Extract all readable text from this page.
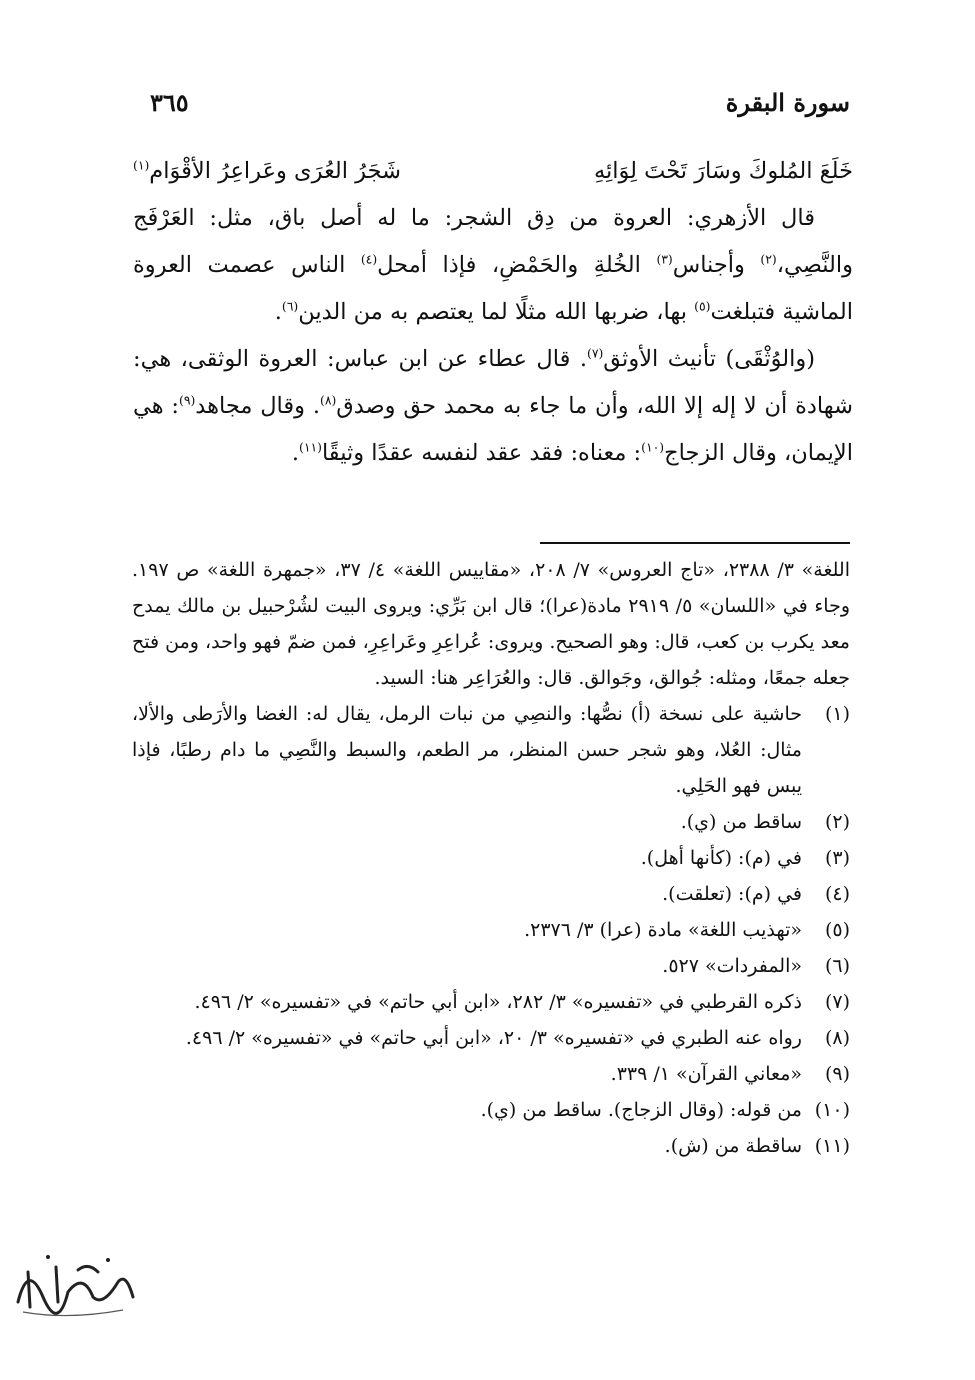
سورة البقرة
٣٦٥

خَلَعَ المُلوكَ وسَارَ تَحْتَ لِوَائِهِ
شَجَرُ العُرَى وعَراعِرُ الأقْوَام$^{(١)}$

قال الأزهري: العروة من دِق الشجر: ما له أصل باق، مثل: العَرْفَج والنَّصِي،$^{(٢)}$ وأجناس$^{(٣)}$ الخُلةِ والحَمْضِ، فإذا أمحل$^{(٤)}$ الناس عصمت العروة الماشية فتبلغت$^{(٥)}$ بها، ضربها الله مثلًا لما يعتصم به من الدين$^{(٦)}$.

(والوُثْقَى) تأنيث الأوثق$^{(٧)}$. قال عطاء عن ابن عباس: العروة الوثقى، هي: شهادة أن لا إله إلا الله، وأن ما جاء به محمد حق وصدق$^{(٨)}$. وقال مجاهد$^{(٩)}$: هي الإيمان، وقال الزجاج$^{(١٠)}$: معناه: فقد عقد لنفسه عقدًا وثيقًا$^{(١١)}$.

اللغة» ٣/ ٢٣٨٨، «تاج العروس» ٧/ ٢٠٨، «مقاييس اللغة» ٤/ ٣٧، «جمهرة اللغة» ص ١٩٧. وجاء في «اللسان» ٥/ ٢٩١٩ مادة(عرا)؛ قال ابن بَرِّي: ويروى البيت لشُرْحبيل بن مالك يمدح معد يكرب بن كعب، قال: وهو الصحيح. ويروى: عُراعِرِ وعَراعِرِ، فمن ضمّ فهو واحد، ومن فتح جعله جمعًا، ومثله: جُوالق، وجَوالق. قال: والعُرَاعِر هنا: السيد.

(١)
حاشية على نسخة (أ) نصُّها: والنصِي من نبات الرمل، يقال له: الغضا والأرَطى والألا، مثال: العُلا، وهو شجر حسن المنظر، مر الطعم، والسبط والنَّصِي ما دام رطبًا، فإذا يبس فهو الحَلِي.

(٢)
ساقط من (ي).

(٣)
في (م): (كأنها أهل).

(٤)
في (م): (تعلقت).

(٥)
«تهذيب اللغة» مادة (عرا) ٣/ ٢٣٧٦.

(٦)
«المفردات» ٥٢٧.

(٧)
ذكره القرطبي في «تفسيره» ٣/ ٢٨٢، «ابن أبي حاتم» في «تفسيره» ٢/ ٤٩٦.

(٨)
رواه عنه الطبري في «تفسيره» ٣/ ٢٠، «ابن أبي حاتم» في «تفسيره» ٢/ ٤٩٦.

(٩)
«معاني القرآن» ١/ ٣٣٩.

(١٠)
من قوله: (وقال الزجاج). ساقط من (ي).

(١١)
ساقطة من (ش).
